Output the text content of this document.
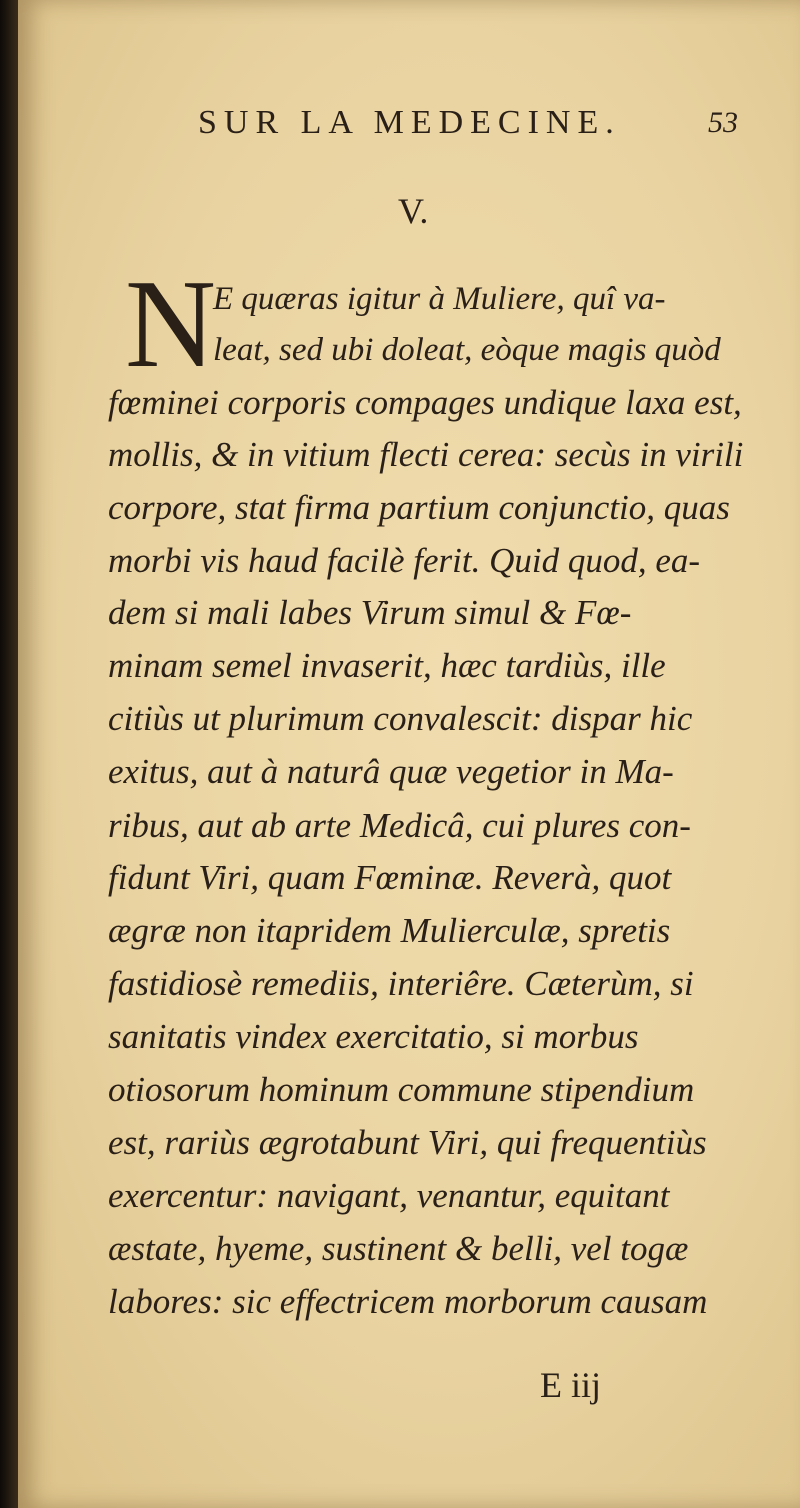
SUR LA MEDECINE.	53
V.
N
E quæras igitur à Muliere, quî va-
leat, sed ubi doleat, eòque magis quòd
fœminei corporis compages undique laxa est,
mollis, & in vitium flecti cerea: secùs in virili
corpore, stat firma partium conjunctio, quas
morbi vis haud facilè ferit. Quid quod, ea-
dem si mali labes Virum simul & Fœ-
minam semel invaserit, hæc tardiùs, ille
citiùs ut plurimum convalescit: dispar hic
exitus, aut à naturâ quæ vegetior in Ma-
ribus, aut ab arte Medicâ, cui plures con-
fidunt Viri, quam Fœminæ. Reverà, quot
ægræ non itapridem Mulierculæ, spretis
fastidiosè remediis, interiêre. Cæterùm, si
sanitatis vindex exercitatio, si morbus
otiosorum hominum commune stipendium
est, rariùs ægrotabunt Viri, qui frequentiùs
exercentur: navigant, venantur, equitant
æstate, hyeme, sustinent & belli, vel togæ
labores: sic effectricem morborum causam
E iij
